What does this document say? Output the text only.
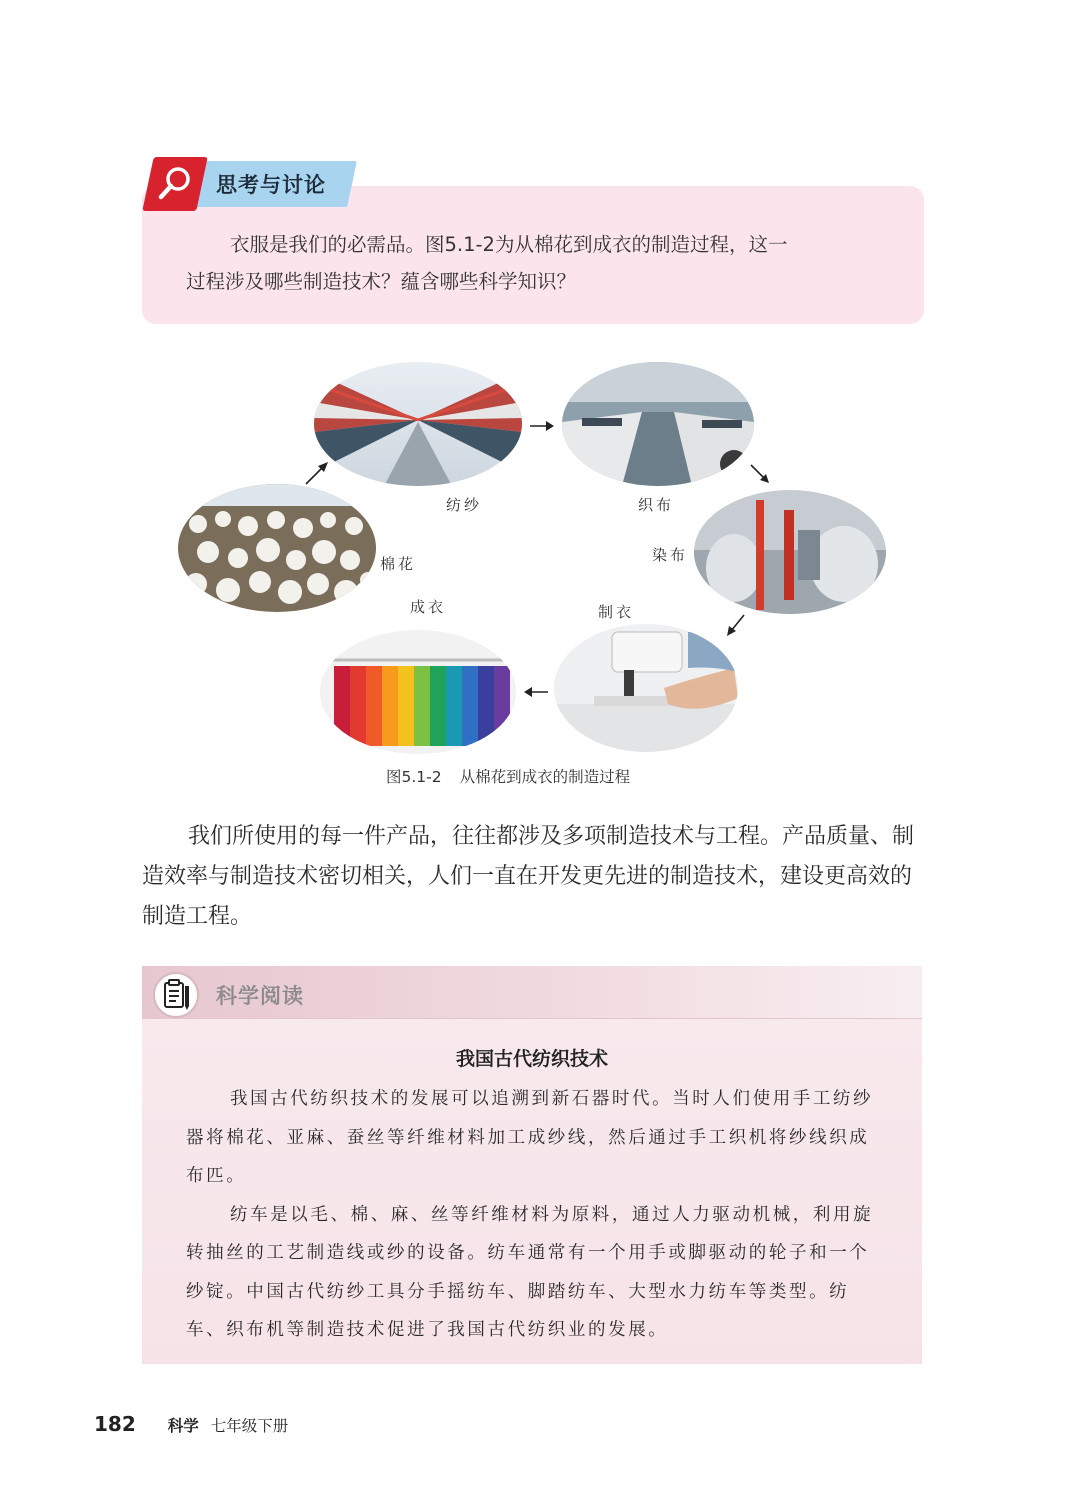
思考与讨论

衣服是我们的必需品。图5.1-2为从棉花到成衣的制造过程，这一

过程涉及哪些制造技术？蕴含哪些科学知识？

纺纱	织布
棉花	染布
成衣	制衣
图5.1-2 从棉花到成衣的制造过程

我们所使用的每一件产品，往往都涉及多项制造技术与工程。产品质量、制造效率与制造技术密切相关，人们一直在开发更先进的制造技术，建设更高效的制造工程。

科学阅读
我国古代纺织技术

我国古代纺织技术的发展可以追溯到新石器时代。当时人们使用手工纺纱器将棉花、亚麻、蚕丝等纤维材料加工成纱线，然后通过手工织机将纱线织成布匹。

纺车是以毛、棉、麻、丝等纤维材料为原料，通过人力驱动机械，利用旋转抽丝的工艺制造线或纱的设备。纺车通常有一个用手或脚驱动的轮子和一个纱锭。中国古代纺纱工具分手摇纺车、脚踏纺车、大型水力纺车等类型。纺车、织布机等制造技术促进了我国古代纺织业的发展。

182 科学 七年级下册
